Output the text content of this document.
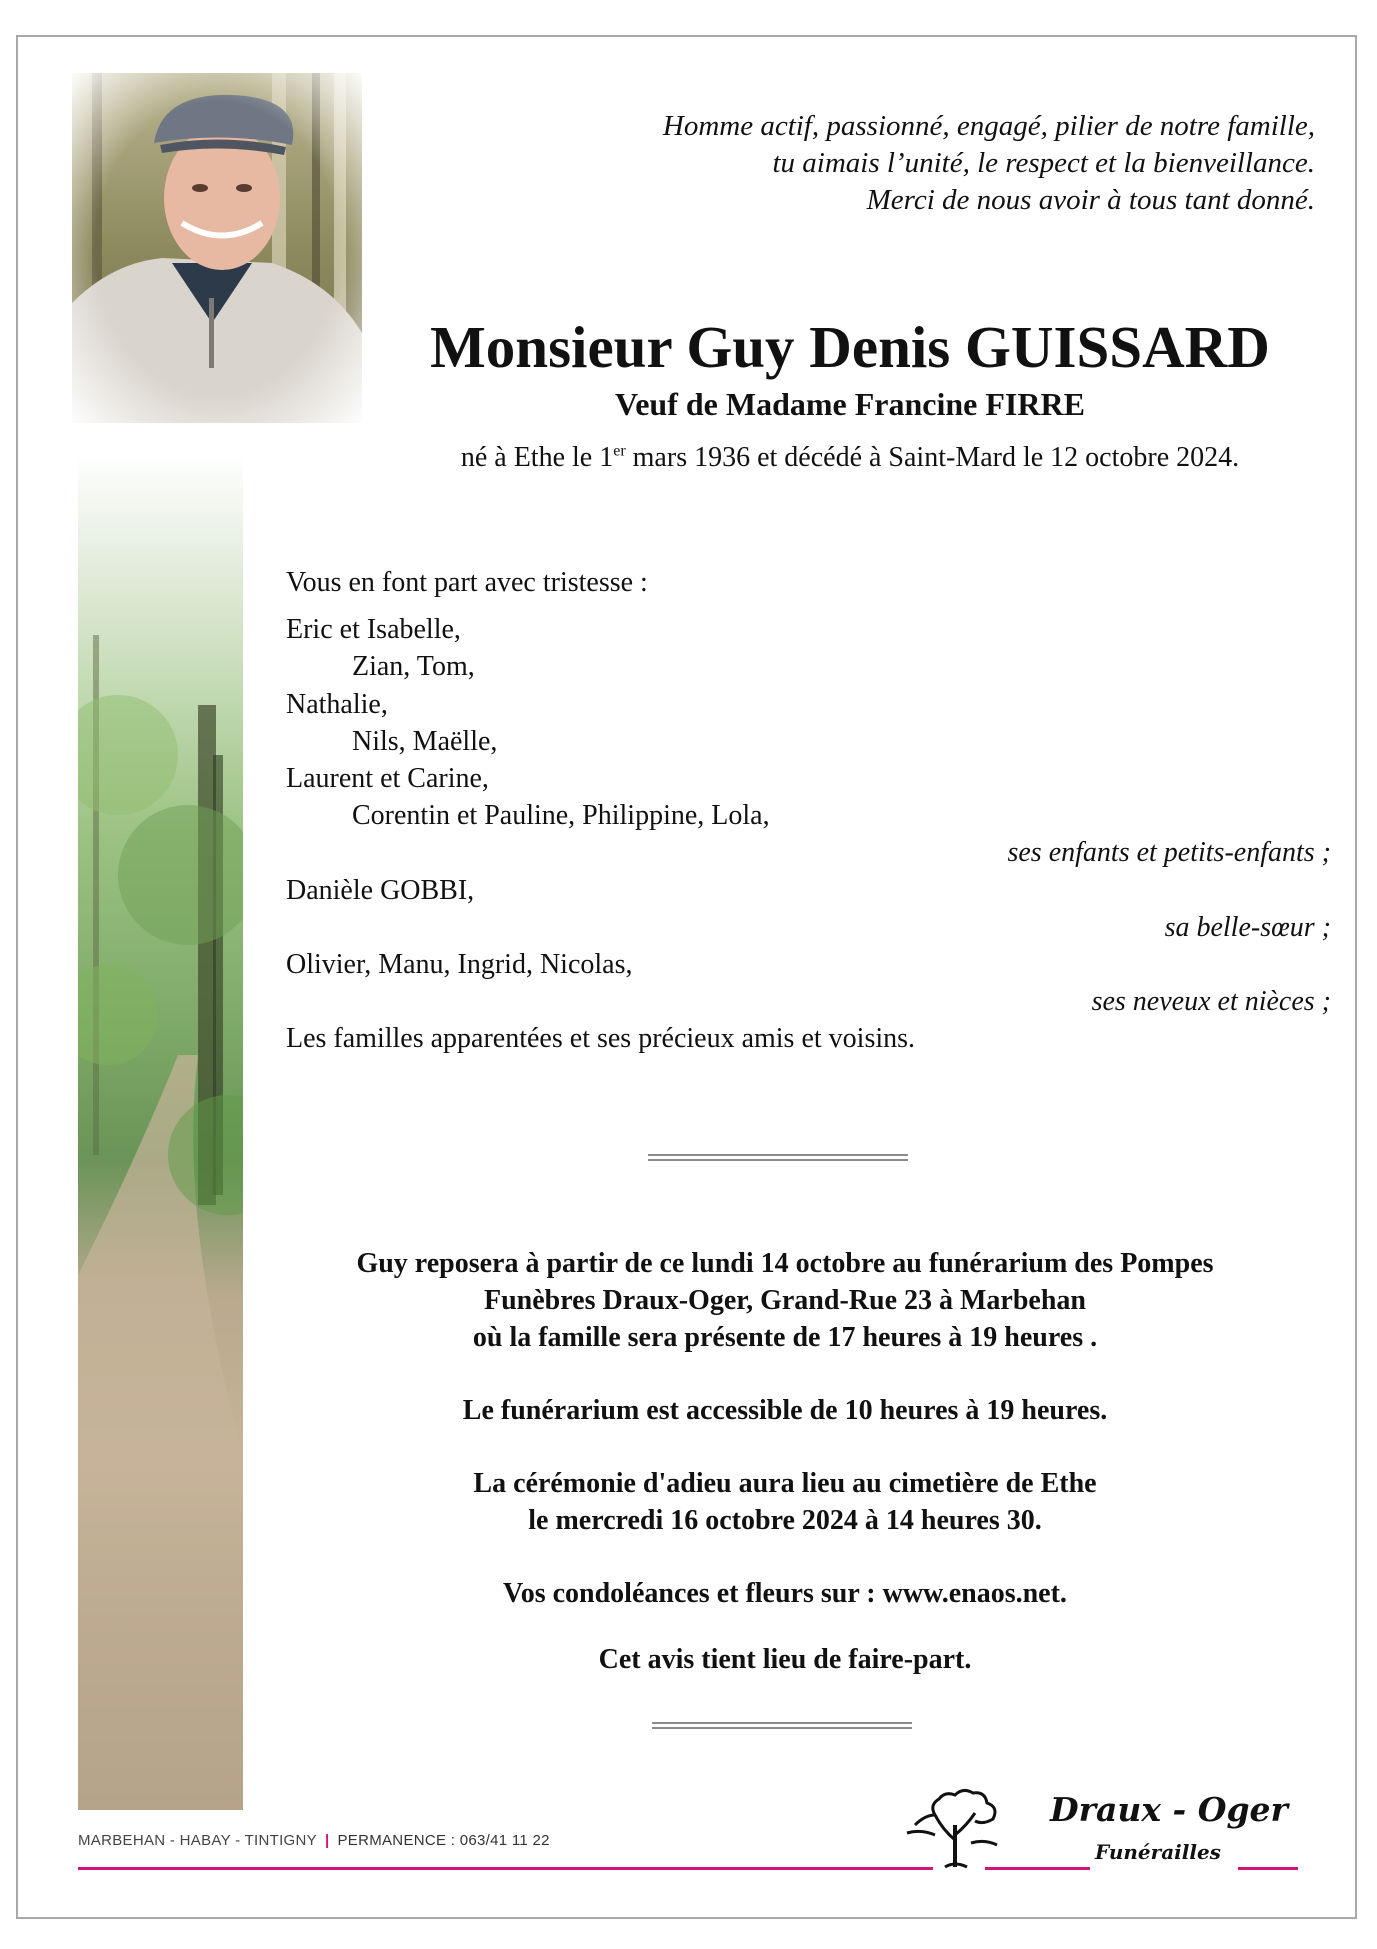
Homme actif, passionné, engagé, pilier de notre famille,
tu aimais l’unité, le respect et la bienveillance.
Merci de nous avoir à tous tant donné.
Monsieur Guy Denis GUISSARD
Veuf de Madame Francine FIRRE
né à Ethe le 1er mars 1936 et décédé à Saint-Mard le 12 octobre 2024.
Vous en font part avec tristesse :
Eric et Isabelle,
Zian, Tom,
Nathalie,
Nils, Maëlle,
Laurent et Carine,
Corentin et Pauline, Philippine, Lola,
ses enfants et petits-enfants ;
Danièle GOBBI,
sa belle-sœur ;
Olivier, Manu, Ingrid, Nicolas,
ses neveux et nièces ;
Les familles apparentées et ses précieux amis et voisins.
Guy reposera à partir de ce lundi 14 octobre au funérarium des Pompes
Funèbres Draux-Oger, Grand-Rue 23 à Marbehan
où la famille sera présente de 17 heures à 19 heures .
Le funérarium est accessible de 10 heures à 19 heures.
La cérémonie d'adieu aura lieu au cimetière de Ethe
le mercredi 16 octobre 2024 à 14 heures 30.
Vos condoléances et fleurs sur : www.enaos.net.
Cet avis tient lieu de faire-part.
MARBEHAN - HABAY - TINTIGNY | PERMANENCE : 063/41 11 22
Draux - Oger
Funérailles
